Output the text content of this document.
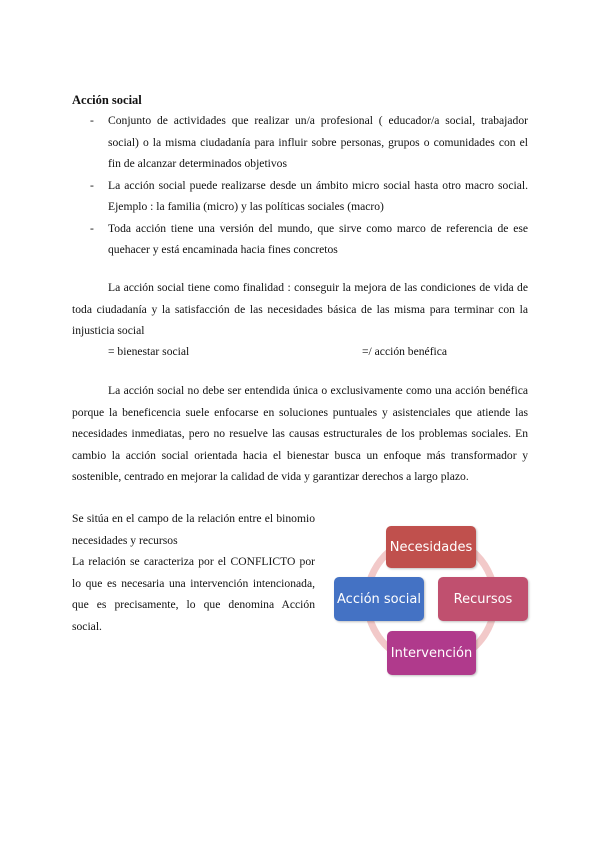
Acción social
- Conjunto de actividades que realizar un/a profesional ( educador/a social, trabajador social) o la misma ciudadanía para influir sobre personas, grupos o comunidades con el fin de alcanzar determinados objetivos
- La acción social puede realizarse desde un ámbito micro social hasta otro macro social. Ejemplo : la familia (micro) y las políticas sociales (macro)
- Toda acción tiene una versión del mundo, que sirve como marco de referencia de ese quehacer y está encaminada hacia fines concretos

La acción social tiene como finalidad : conseguir la mejora de las condiciones de vida de toda ciudadanía y la satisfacción de las necesidades básica de las misma para terminar con la injusticia social

= bienestar social	=/ acción benéfica

La acción social no debe ser entendida única o exclusivamente como una acción benéfica porque la beneficencia suele enfocarse en soluciones puntuales y asistenciales que atiende las necesidades inmediatas, pero no resuelve las causas estructurales de los problemas sociales. En cambio la acción social orientada hacia el bienestar busca un enfoque más transformador y sostenible, centrado en mejorar la calidad de vida y garantizar derechos a largo plazo.

Se sitúa en el campo de la relación entre el binomio necesidades y recursos
La relación se caracteriza por el CONFLICTO por lo que es necesaria una intervención intencionada, que es precisamente, lo que denomina Acción social.

Necesidades
Recursos
Intervención
Acción social
